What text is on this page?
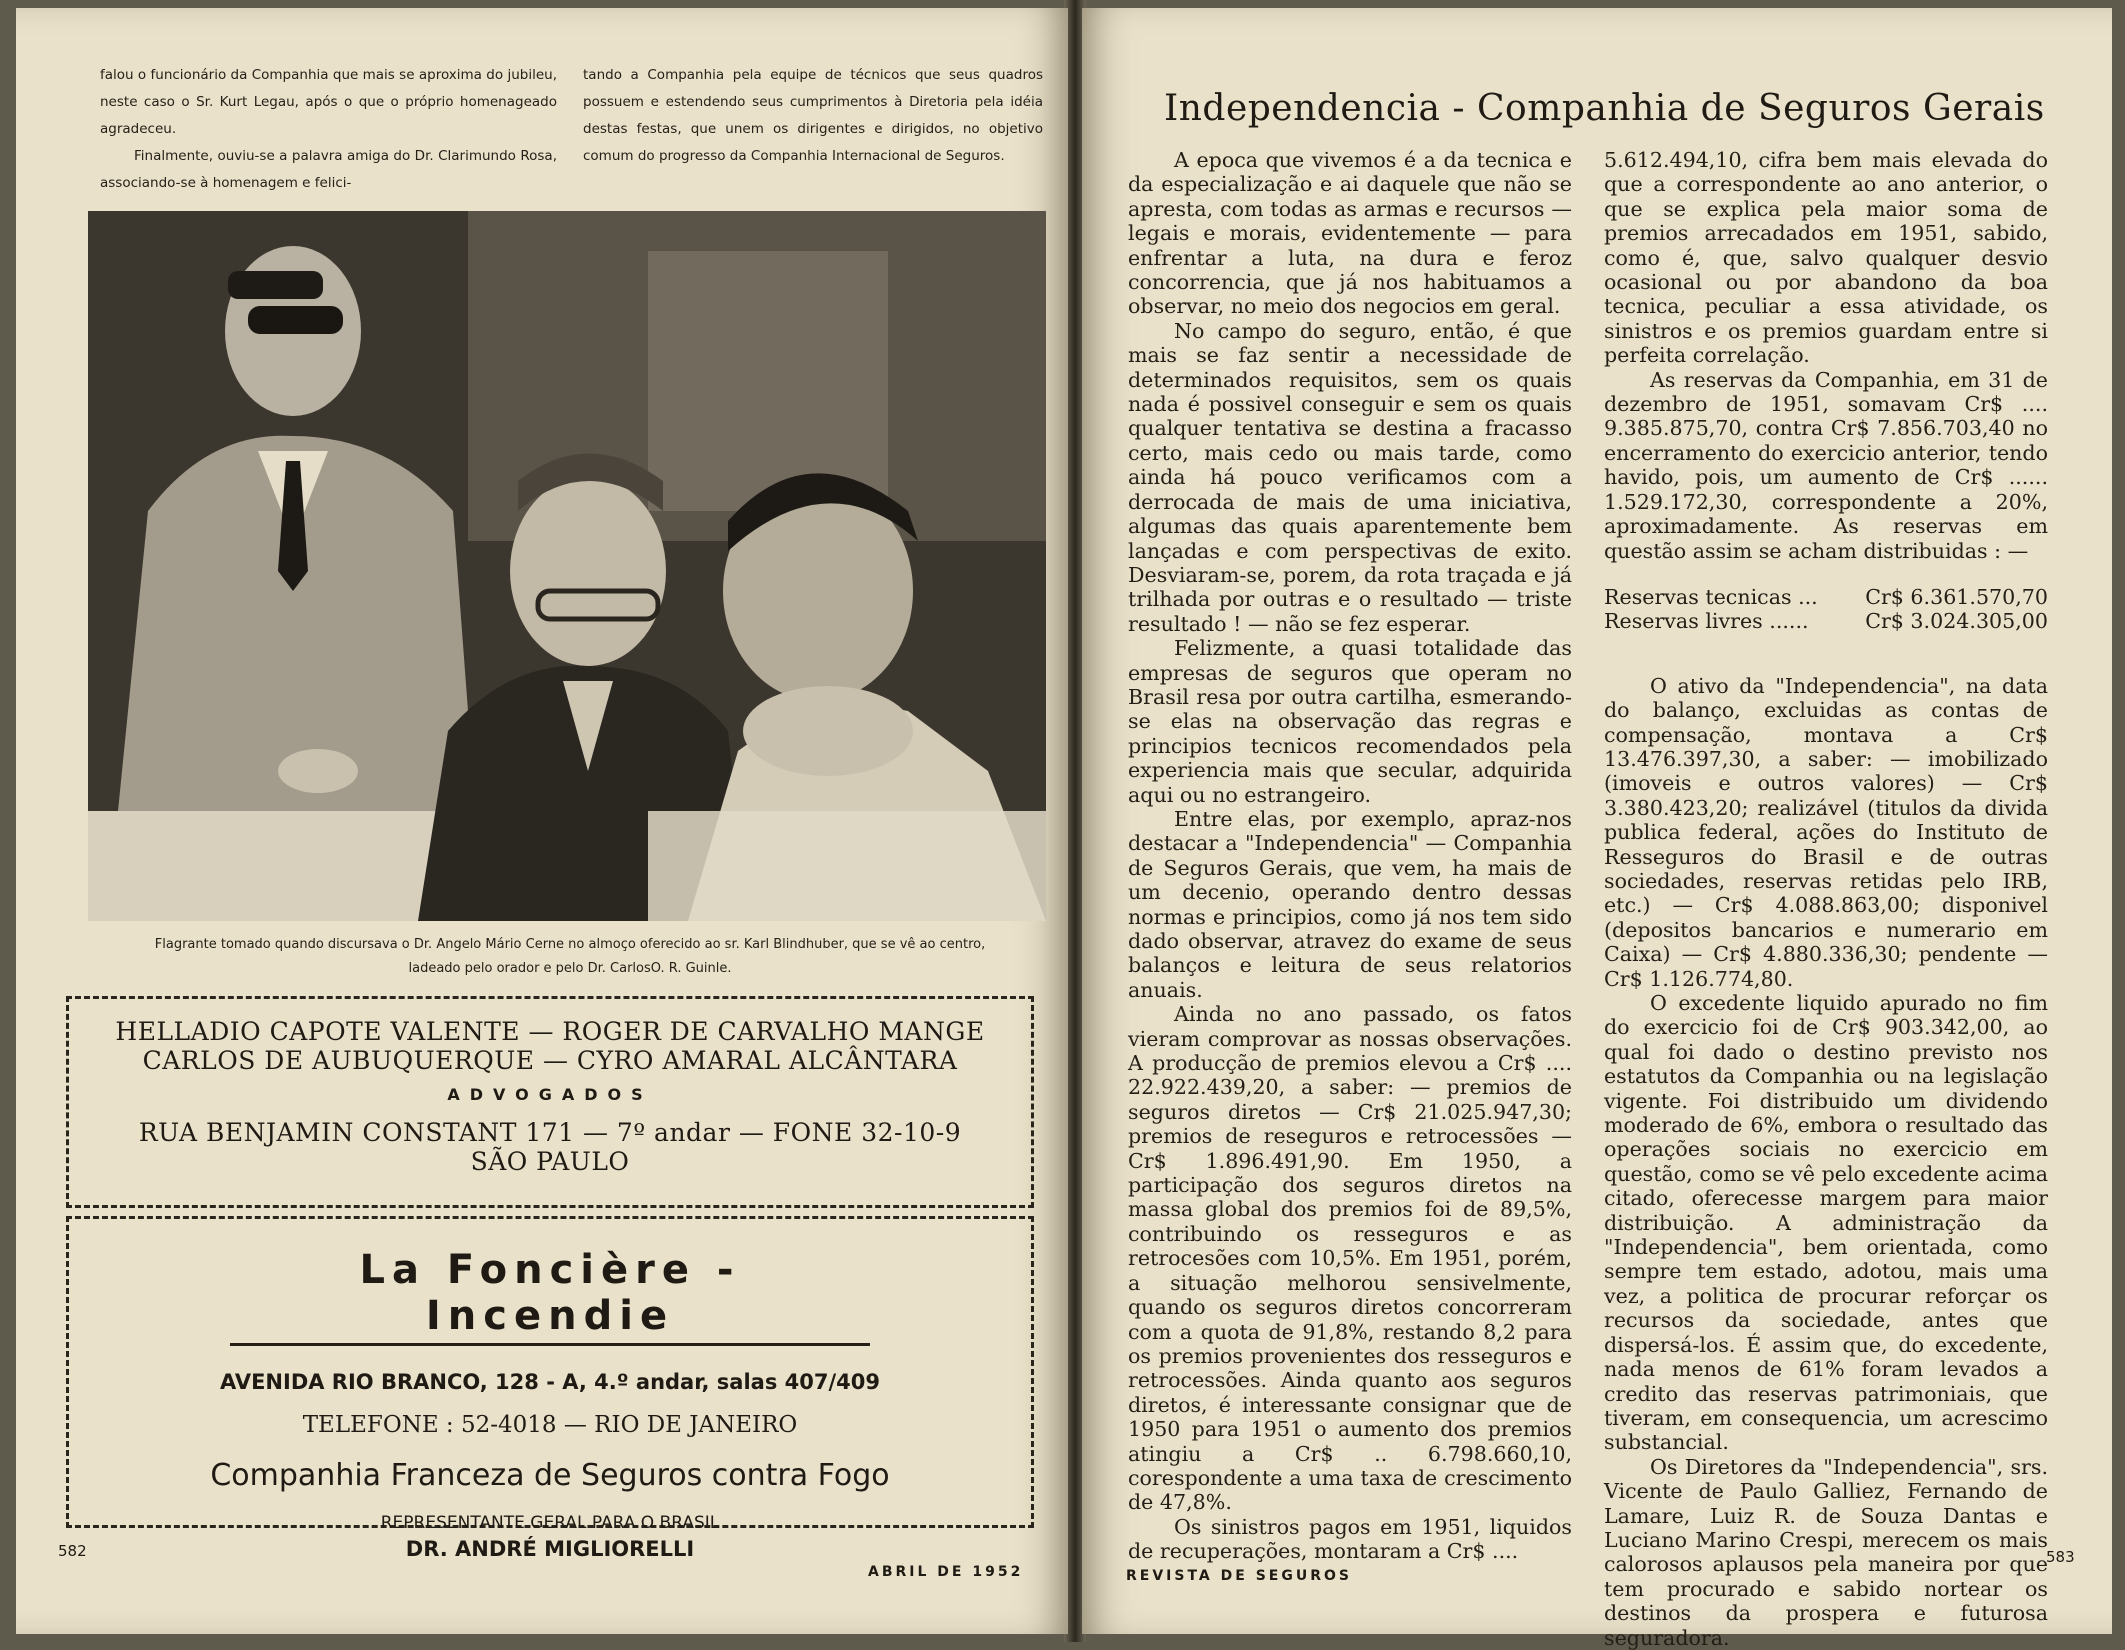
falou o funcionário da Companhia que mais se aproxima do jubileu, neste caso o Sr. Kurt Legau, após o que o próprio homenageado agradeceu.

Finalmente, ouviu-se a palavra amiga do Dr. Clarimundo Rosa, associando-se à homenagem e felici-

tando a Companhia pela equipe de técnicos que seus quadros possuem e estendendo seus cumprimentos à Diretoria pela idéia destas festas, que unem os dirigentes e dirigidos, no objetivo comum do progresso da Companhia Internacional de Seguros.

Flagrante tomado quando discursava o Dr. Angelo Mário Cerne no almoço oferecido ao sr. Karl Blindhuber, que se vê ao centro, ladeado pelo orador e pelo Dr. CarlosO. R. Guinle.
HELLADIO CAPOTE VALENTE — ROGER DE CARVALHO MANGE
CARLOS DE AUBUQUERQUE — CYRO AMARAL ALCÂNTARA
ADVOGADOS
RUA BENJAMIN CONSTANT 171 — 7º andar — FONE 32-10-9
SÃO PAULO
La Foncière - Incendie
AVENIDA RIO BRANCO, 128 - A, 4.º andar, salas 407/409
TELEFONE : 52-4018 — RIO DE JANEIRO
Companhia Franceza de Seguros contra Fogo
REPRESENTANTE GERAL PARA O BRASIL
DR. ANDRÉ MIGLIORELLI
582
ABRIL DE 1952
Independencia - Companhia de Seguros Gerais

A epoca que vivemos é a da tecnica e da especialização e ai daquele que não se apresta, com todas as armas e recursos — legais e morais, evidentemente — para enfrentar a luta, na dura e feroz concorrencia, que já nos habituamos a observar, no meio dos negocios em geral.

No campo do seguro, então, é que mais se faz sentir a necessidade de determinados requisitos, sem os quais nada é possivel conseguir e sem os quais qualquer tentativa se destina a fracasso certo, mais cedo ou mais tarde, como ainda há pouco verificamos com a derrocada de mais de uma iniciativa, algumas das quais aparentemente bem lançadas e com perspectivas de exito. Desviaram-se, porem, da rota traçada e já trilhada por outras e o resultado — triste resultado ! — não se fez esperar.

Felizmente, a quasi totalidade das empresas de seguros que operam no Brasil resa por outra cartilha, esmerando-se elas na observação das regras e principios tecnicos recomendados pela experiencia mais que secular, adquirida aqui ou no estrangeiro.

Entre elas, por exemplo, apraz-nos destacar a "Independencia" — Companhia de Seguros Gerais, que vem, ha mais de um decenio, operando dentro dessas normas e principios, como já nos tem sido dado observar, atravez do exame de seus balanços e leitura de seus relatorios anuais.

Ainda no ano passado, os fatos vieram comprovar as nossas observações. A producção de premios elevou a Cr$ .... 22.922.439,20, a saber: — premios de seguros diretos — Cr$ 21.025.947,30; premios de reseguros e retrocessões — Cr$ 1.896.491,90. Em 1950, a participação dos seguros diretos na massa global dos premios foi de 89,5%, contribuindo os resseguros e as retrocesões com 10,5%. Em 1951, porém, a situação melhorou sensivelmente, quando os seguros diretos concorreram com a quota de 91,8%, restando 8,2 para os premios provenientes dos resseguros e retrocessões. Ainda quanto aos seguros diretos, é interessante consignar que de 1950 para 1951 o aumento dos premios atingiu a Cr$ .. 6.798.660,10, corespondente a uma taxa de crescimento de 47,8%.

Os sinistros pagos em 1951, liquidos de recuperações, montaram a Cr$ ....

5.612.494,10, cifra bem mais elevada do que a correspondente ao ano anterior, o que se explica pela maior soma de premios arrecadados em 1951, sabido, como é, que, salvo qualquer desvio ocasional ou por abandono da boa tecnica, peculiar a essa atividade, os sinistros e os premios guardam entre si perfeita correlação.

As reservas da Companhia, em 31 de dezembro de 1951, somavam Cr$ .... 9.385.875,70, contra Cr$ 7.856.703,40 no encerramento do exercicio anterior, tendo havido, pois, um aumento de Cr$ ...... 1.529.172,30, correspondente a 20%, aproximadamente. As reservas em questão assim se acham distribuidas : —

Reservas tecnicas ... Cr$ 6.361.570,70
Reservas livres ......	Cr$ 3.024.305,00

O ativo da "Independencia", na data do balanço, excluidas as contas de compensação, montava a Cr$ 13.476.397,30, a saber: — imobilizado (imoveis e outros valores) — Cr$ 3.380.423,20; realizável (titulos da divida publica federal, ações do Instituto de Resseguros do Brasil e de outras sociedades, reservas retidas pelo IRB, etc.) — Cr$ 4.088.863,00; disponivel (depositos bancarios e numerario em Caixa) — Cr$ 4.880.336,30; pendente — Cr$ 1.126.774,80.

O excedente liquido apurado no fim do exercicio foi de Cr$ 903.342,00, ao qual foi dado o destino previsto nos estatutos da Companhia ou na legislação vigente. Foi distribuido um dividendo moderado de 6%, embora o resultado das operações sociais no exercicio em questão, como se vê pelo excedente acima citado, oferecesse margem para maior distribuição. A administração da "Independencia", bem orientada, como sempre tem estado, adotou, mais uma vez, a politica de procurar reforçar os recursos da sociedade, antes que dispersá-los. É assim que, do excedente, nada menos de 61% foram levados a credito das reservas patrimoniais, que tiveram, em consequencia, um acrescimo substancial.

Os Diretores da "Independencia", srs. Vicente de Paulo Galliez, Fernando de Lamare, Luiz R. de Souza Dantas e Luciano Marino Crespi, merecem os mais calorosos aplausos pela maneira por que tem procurado e sabido nortear os destinos da prospera e futurosa seguradora.

REVISTA DE SEGUROS
583
